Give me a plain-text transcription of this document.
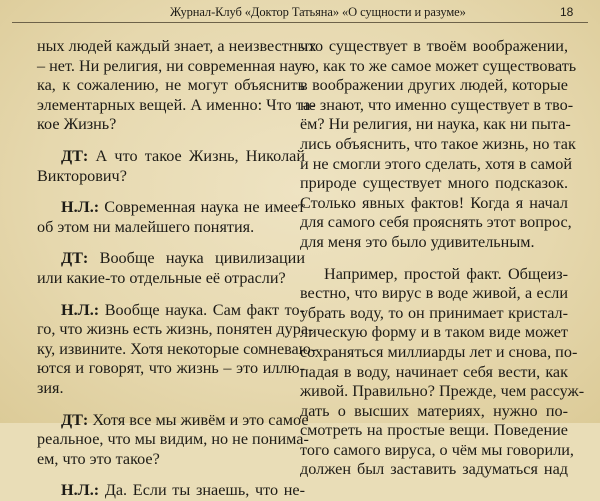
Журнал-Клуб «Доктор Татьяна» «О сущности и разуме»	18
ных людей каждый знает, а неизвестных
– нет. Ни религия, ни современная нау-
ка, к сожалению, не могут объяснить
элементарных вещей. А именно: Что та-
кое Жизнь?
ДТ: А что такое Жизнь, Николай
Викторович?
Н.Л.: Современная наука не имеет
об этом ни малейшего понятия.
ДТ: Вообще наука цивилизации
или какие-то отдельные её отрасли?
Н.Л.: Вообще наука. Сам факт то-
го, что жизнь есть жизнь, понятен дура-
ку, извините. Хотя некоторые сомневаю-
ются и говорят, что жизнь – это иллю-
зия.
ДТ: Хотя все мы живём и это самое
реальное, что мы видим, но не понима-
ем, что это такое?
Н.Л.: Да. Если ты знаешь, что не-
что существует в твоём воображении,
то, как то же самое может существовать
в воображении других людей, которые
не знают, что именно существует в тво-
ём? Ни религия, ни наука, как ни пыта-
лись объяснить, что такое жизнь, но так
и не смогли этого сделать, хотя в самой
природе существует много подсказок.
Столько явных фактов! Когда я начал
для самого себя прояснять этот вопрос,
для меня это было удивительным.
Например, простой факт. Общеиз-
вестно, что вирус в воде живой, а если
убрать воду, то он принимает кристал-
лическую форму и в таком виде может
сохраняться миллиарды лет и снова, по-
падая в воду, начинает себя вести, как
живой. Правильно? Прежде, чем рассуж-
дать о высших материях, нужно по-
смотреть на простые вещи. Поведение
того самого вируса, о чём мы говорили,
должен был заставить задуматься над
